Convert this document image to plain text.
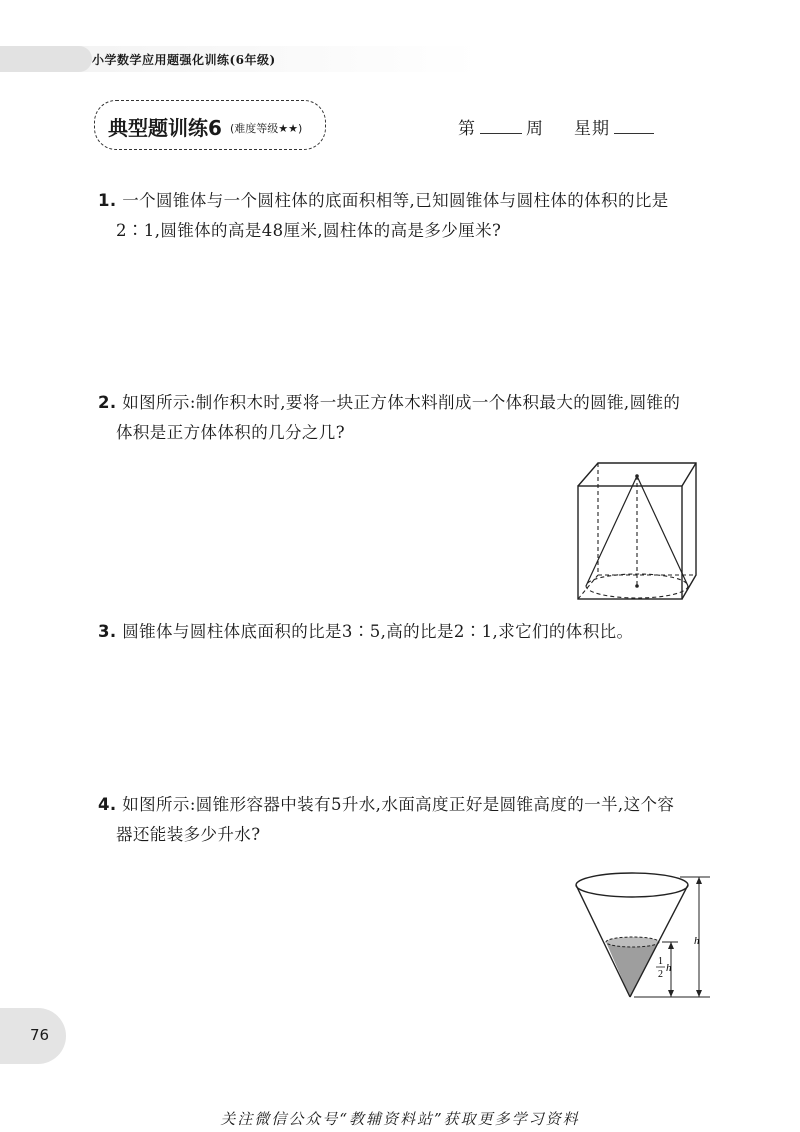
小学数学应用题强化训练(6年级)
典型题训练6 (难度等级★★)	第	周 星期
1. 一个圆锥体与一个圆柱体的底面积相等,已知圆锥体与圆柱体的体积的比是
2∶1,圆锥体的高是48厘米,圆柱体的高是多少厘米?
2. 如图所示:制作积木时,要将一块正方体木料削成一个体积最大的圆锥,圆锥的
体积是正方体体积的几分之几?
3. 圆锥体与圆柱体底面积的比是3∶5,高的比是2∶1,求它们的体积比。
4. 如图所示:圆锥形容器中装有5升水,水面高度正好是圆锥高度的一半,这个容
器还能装多少升水?
h
1
2
h
76
关注微信公众号“教辅资料站”获取更多学习资料
